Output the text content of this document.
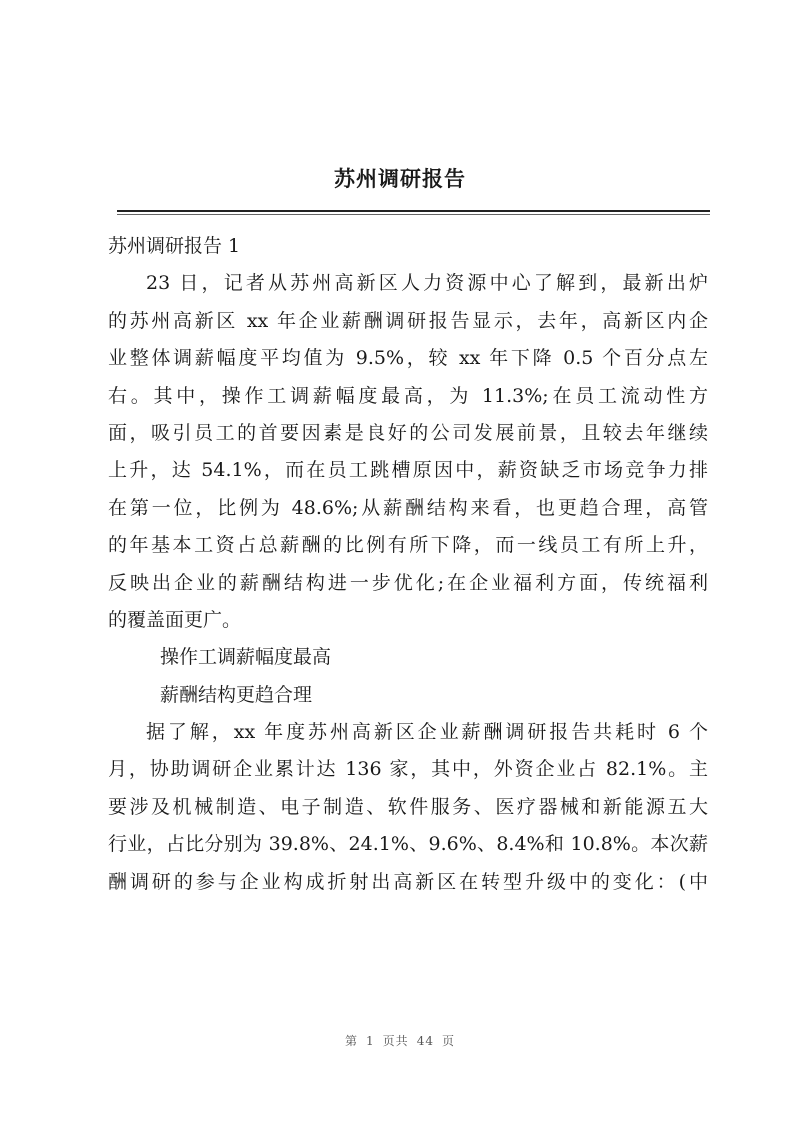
苏州调研报告
苏州调研报告 1
23 日，记者从苏州高新区人力资源中心了解到，最新出炉
的苏州高新区 xx 年企业薪酬调研报告显示，去年，高新区内企
业整体调薪幅度平均值为 9.5%，较 xx 年下降 0.5 个百分点左
右。其中，操作工调薪幅度最高，为 11.3%;在员工流动性方
面，吸引员工的首要因素是良好的公司发展前景，且较去年继续
上升，达 54.1%，而在员工跳槽原因中，薪资缺乏市场竞争力排
在第一位，比例为 48.6%;从薪酬结构来看，也更趋合理，高管
的年基本工资占总薪酬的比例有所下降，而一线员工有所上升，
反映出企业的薪酬结构进一步优化;在企业福利方面，传统福利
的覆盖面更广。
操作工调薪幅度最高
薪酬结构更趋合理
据了解，xx 年度苏州高新区企业薪酬调研报告共耗时 6 个
月，协助调研企业累计达 136 家，其中，外资企业占 82.1%。主
要涉及机械制造、电子制造、软件服务、医疗器械和新能源五大
行业，占比分别为 39.8%、24.1%、9.6%、8.4%和 10.8%。本次薪
酬调研的参与企业构成折射出高新区在转型升级中的变化：(中
第 1 页共 44 页
